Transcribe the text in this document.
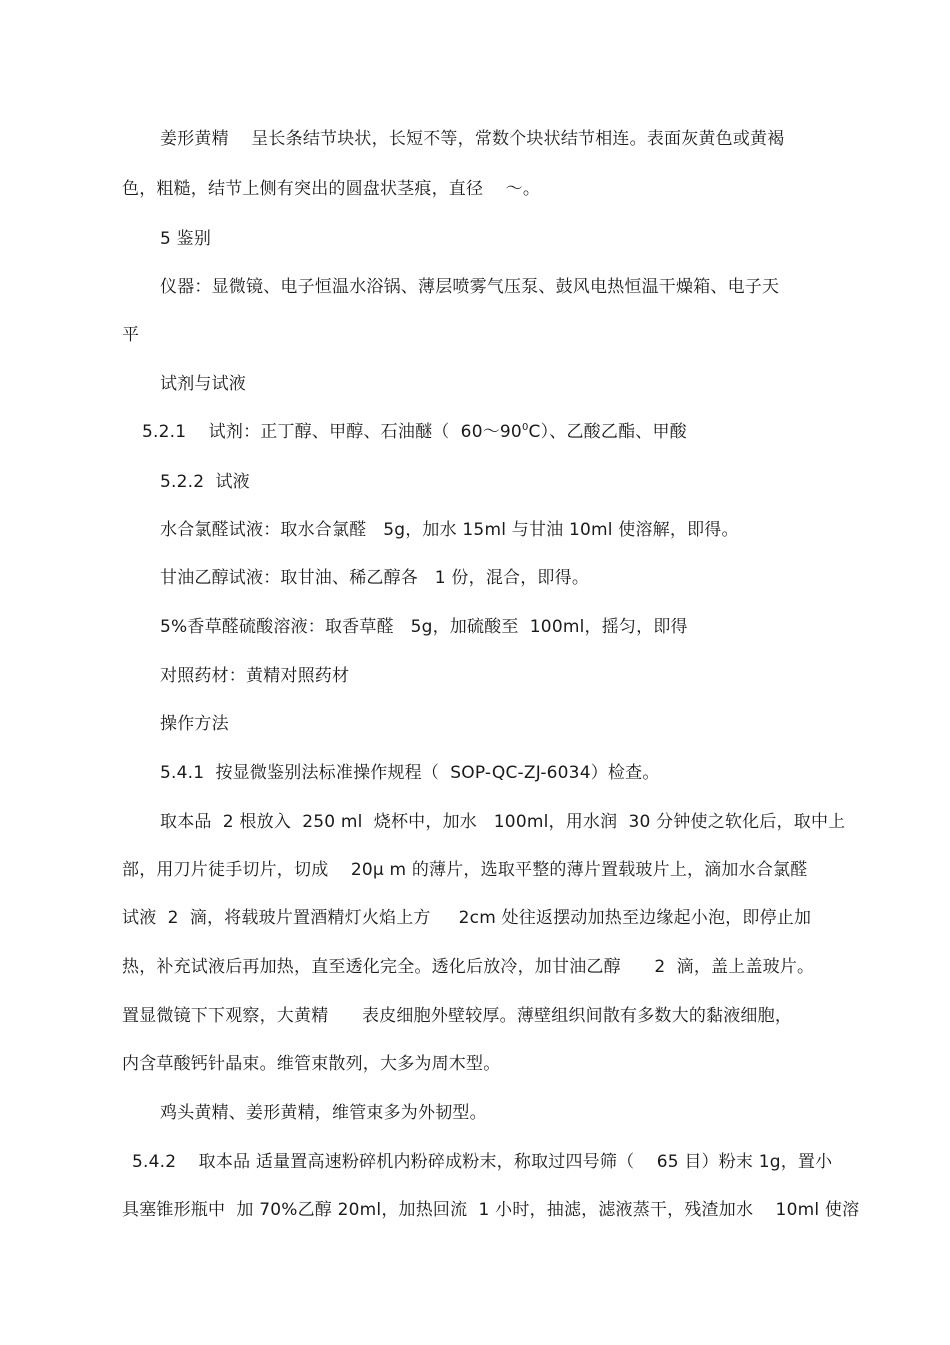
姜形黄精    呈长条结节块状，长短不等，常数个块状结节相连。表面灰黄色或黄褐
色，粗糙，结节上侧有突出的圆盘状茎痕，直径    ～。
5 鉴别
仪器：显微镜、电子恒温水浴锅、薄层喷雾气压泵、鼓风电热恒温干燥箱、电子天
平
试剂与试液
5.2.1    试剂：正丁醇、甲醇、石油醚（  $60\sim 90^0C$）、乙酸乙酯、甲酸
5.2.2  试液
水合氯醛试液：取水合氯醛   5g，加水 15ml 与甘油 10ml 使溶解，即得。
甘油乙醇试液：取甘油、稀乙醇各   1 份，混合，即得。
5%香草醛硫酸溶液：取香草醛   5g，加硫酸至  100ml，摇匀，即得
对照药材：黄精对照药材
操作方法
5.4.1  按显微鉴别法标准操作规程（  SOP-QC-ZJ-6034）检查。
取本品  2 根放入  250 ml  烧杯中，加水   100ml，用水润  30 分钟使之软化后，取中上
部，用刀片徒手切片，切成    20μ m 的薄片，选取平整的薄片置载玻片上，滴加水合氯醛
试液  2  滴，将载玻片置酒精灯火焰上方     2cm 处往返摆动加热至边缘起小泡，即停止加
热，补充试液后再加热，直至透化完全。透化后放冷，加甘油乙醇      2  滴，盖上盖玻片。
置显微镜下下观察，大黄精      表皮细胞外壁较厚。薄壁组织间散有多数大的黏液细胞，
内含草酸钙针晶束。维管束散列，大多为周木型。
鸡头黄精、姜形黄精，维管束多为外韧型。
5.4.2    取本品 适量置高速粉碎机内粉碎成粉末，称取过四号筛（    65 目）粉末 1g，置小
具塞锥形瓶中  加 70%乙醇 20ml，加热回流  1 小时，抽滤，滤液蒸干，残渣加水    10ml 使溶
